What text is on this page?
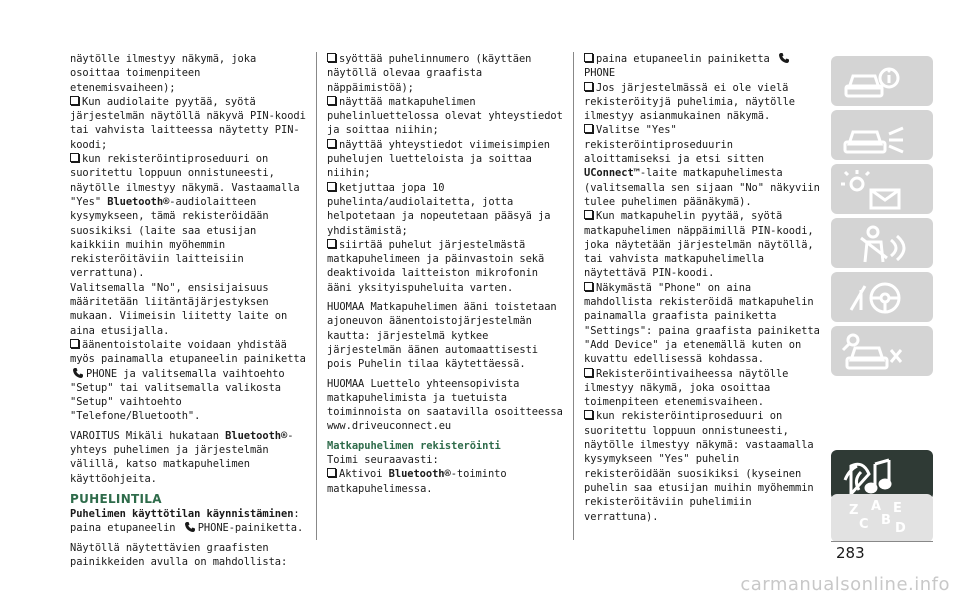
näytölle ilmestyy näkymä, joka osoittaa toimenpiteen etenemisvaiheen);

Kun audiolaite pyytää, syötä järjestelmän näytöllä näkyvä PIN-koodi tai vahvista laitteessa näytetty PIN-koodi;

kun rekisteröintiproseduuri on suoritettu loppuun onnistuneesti, näytölle ilmestyy näkymä. Vastaamalla "Yes" Bluetooth®-audiolaitteen kysymykseen, tämä rekisteröidään suosikiksi (laite saa etusijan kaikkiin muihin myöhemmin rekisteröitäviin laitteisiin verrattuna).

Valitsemalla "No", ensisijaisuus määritetään liitäntäjärjestyksen mukaan. Viimeisin liitetty laite on aina etusijalla.

äänentoistolaite voidaan yhdistää myös painamalla etupaneelin painiketta
PHONE ja valitsemalla vaihtoehto "Setup" tai valitsemalla valikosta "Setup" vaihtoehto "Telefone/Bluetooth".

VAROITUS Mikäli hukataan Bluetooth®-yhteys puhelimen ja järjestelmän välillä, katso matkapuhelimen käyttöohjeita.

PUHELINTILA

Puhelimen käyttötilan käynnistäminen:

paina etupaneelin PHONE-painiketta.

Näytöllä näytettävien graafisten painikkeiden avulla on mahdollista:

syöttää puhelinnumero (käyttäen näytöllä olevaa graafista näppäimistöä);

näyttää matkapuhelimen puhelinluettelossa olevat yhteystiedot ja soittaa niihin;

näyttää yhteystiedot viimeisimpien puhelujen luetteloista ja soittaa niihin;

ketjuttaa jopa 10 puhelinta/audiolaitetta, jotta helpotetaan ja nopeutetaan pääsyä ja yhdistämistä;

siirtää puhelut järjestelmästä matkapuhelimeen ja päinvastoin sekä deaktivoida laitteiston mikrofonin ääni yksityispuheluita varten.

HUOMAA Matkapuhelimen ääni toistetaan ajoneuvon äänentoistojärjestelmän kautta: järjestelmä kytkee järjestelmän äänen automaattisesti pois Puhelin tilaa käytettäessä.

HUOMAA Luettelo yhteensopivista matkapuhelimista ja tuetuista toiminnoista on saatavilla osoitteessa www.driveuconnect.eu

Matkapuhelimen rekisteröinti

Toimi seuraavasti:

Aktivoi Bluetooth®-toiminto matkapuhelimessa.

paina etupaneelin painiketta
PHONE

Jos järjestelmässä ei ole vielä rekisteröityjä puhelimia, näytölle ilmestyy asianmukainen näkymä.

Valitse "Yes" rekisteröintiproseduurin aloittamiseksi ja etsi sitten UConnect™-laite matkapuhelimesta (valitsemalla sen sijaan "No" näkyviin tulee puhelimen päänäkymä).

Kun matkapuhelin pyytää, syötä matkapuhelimen näppäimillä PIN-koodi, joka näytetään järjestelmän näytöllä, tai vahvista matkapuhelimella näytettävä PIN-koodi.

Näkymästä "Phone" on aina mahdollista rekisteröidä matkapuhelin painamalla graafista painiketta "Settings": paina graafista painiketta "Add Device" ja etenemällä kuten on kuvattu edellisessä kohdassa.

Rekisteröintivaiheessa näytölle ilmestyy näkymä, joka osoittaa toimenpiteen etenemisvaiheen.

kun rekisteröintiproseduuri on suoritettu loppuun onnistuneesti, näytölle ilmestyy näkymä: vastaamalla kysymykseen "Yes" puhelin rekisteröidään suosikiksi (kyseinen puhelin saa etusijan muihin myöhemmin rekisteröitäviin puhelimiin verrattuna).	Z A
C B
E
D
283
carmanualsonline.info
